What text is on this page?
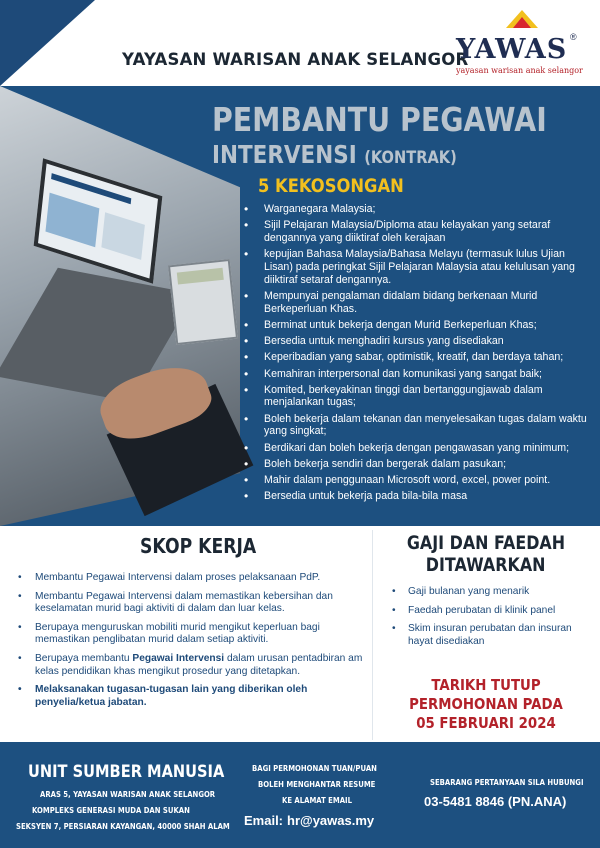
YAYASAN WARISAN ANAK SELANGOR
YAWAS ®
yayasan warisan anak selangor
PEMBANTU PEGAWAI
INTERVENSI (KONTRAK)
5 KEKOSONGAN
• Warganegara Malaysia;
• Sijil Pelajaran Malaysia/Diploma atau kelayakan yang setaraf dengannya yang diiktiraf oleh kerajaan
• kepujian Bahasa Malaysia/Bahasa Melayu (termasuk lulus Ujian Lisan) pada peringkat Sijil Pelajaran Malaysia atau kelulusan yang diiktiraf setaraf dengannya.
• Mempunyai pengalaman didalam bidang berkenaan Murid Berkeperluan Khas.
• Berminat untuk bekerja dengan Murid Berkeperluan Khas;
• Bersedia untuk menghadiri kursus yang disediakan
• Keperibadian yang sabar, optimistik, kreatif, dan berdaya tahan;
• Kemahiran interpersonal dan komunikasi yang sangat baik;
• Komited, berkeyakinan tinggi dan bertanggungjawab dalam menjalankan tugas;
• Boleh bekerja dalam tekanan dan menyelesaikan tugas dalam waktu yang singkat;
• Berdikari dan boleh bekerja dengan pengawasan yang minimum;
• Boleh bekerja sendiri dan bergerak dalam pasukan;
• Mahir dalam penggunaan Microsoft word, excel, power point.
• Bersedia untuk bekerja pada bila-bila masa
SKOP KERJA
• Membantu Pegawai Intervensi dalam proses pelaksanaan PdP.
• Membantu Pegawai Intervensi dalam memastikan kebersihan dan keselamatan murid bagi aktiviti di dalam dan luar kelas.
• Berupaya menguruskan mobiliti murid mengikut keperluan bagi memastikan penglibatan murid dalam setiap aktiviti.
• Berupaya membantu Pegawai Intervensi dalam urusan pentadbiran am kelas pendidikan khas mengikut prosedur yang ditetapkan.
• Melaksanakan tugasan-tugasan lain yang diberikan oleh penyelia/ketua jabatan.
GAJI DAN FAEDAH
DITAWARKAN
• Gaji bulanan yang menarik
• Faedah perubatan di klinik panel
• Skim insuran perubatan dan insuran hayat disediakan
TARIKH TUTUP
PERMOHONAN PADA
05 FEBRUARI 2024
UNIT SUMBER MANUSIA
ARAS 5, YAYASAN WARISAN ANAK SELANGOR
KOMPLEKS GENERASI MUDA DAN SUKAN
SEKSYEN 7, PERSIARAN KAYANGAN, 40000 SHAH ALAM
BAGI PERMOHONAN TUAN/PUAN
BOLEH MENGHANTAR RESUME
KE ALAMAT EMAIL
Email: hr@yawas.my
SEBARANG PERTANYAAN SILA HUBUNGI
03-5481 8846 (PN.ANA)
